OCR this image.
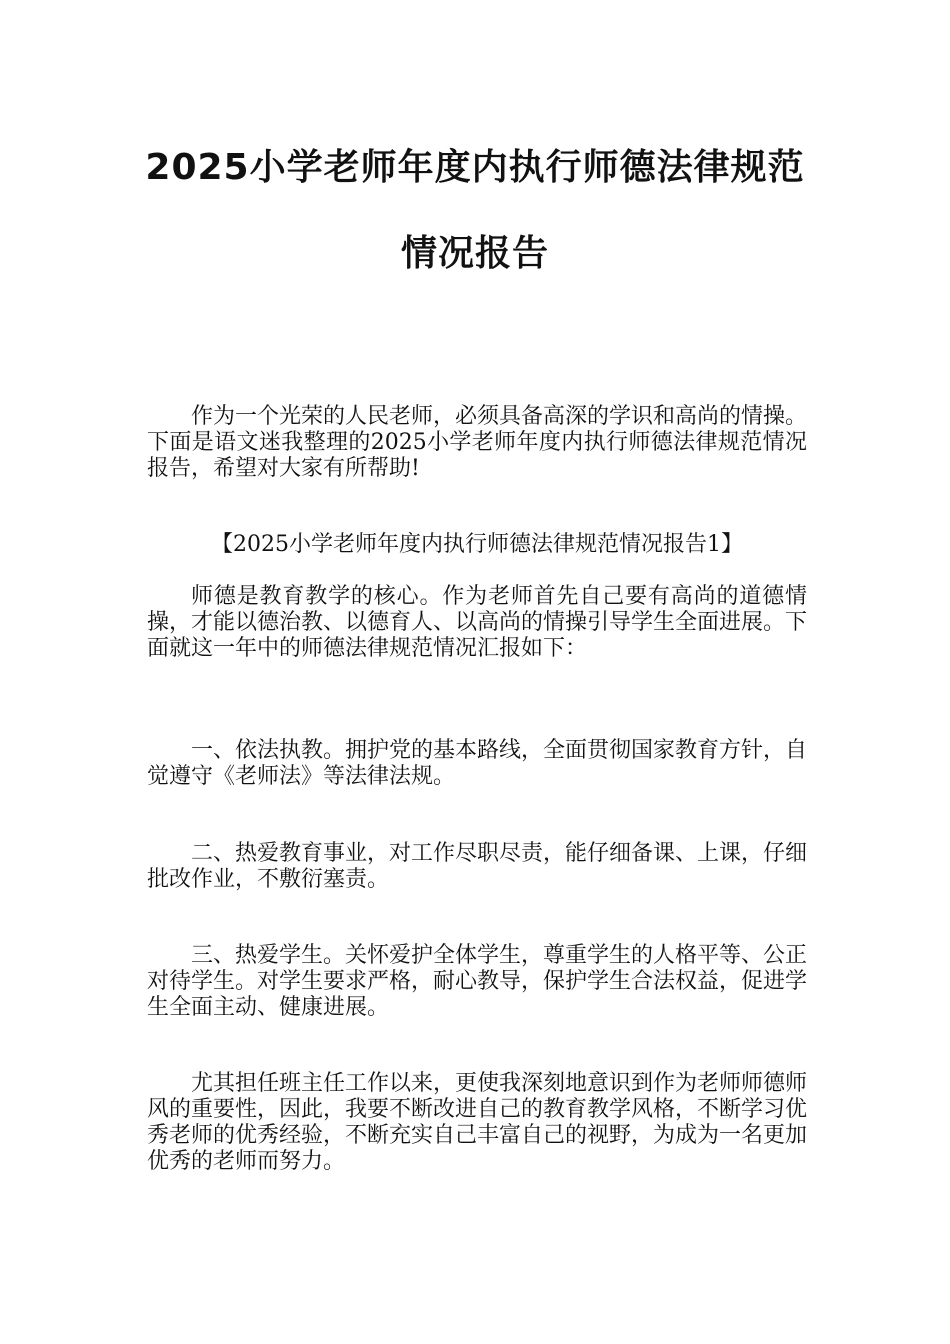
2025小学老师年度内执行师德法律规范
情况报告

作为一个光荣的人民老师，必须具备高深的学识和高尚的情操。下面是语文迷我整理的2025小学老师年度内执行师德法律规范情况报告，希望对大家有所帮助!

【2025小学老师年度内执行师德法律规范情况报告1】

师德是教育教学的核心。作为老师首先自己要有高尚的道德情操，才能以德治教、以德育人、以高尚的情操引导学生全面进展。下面就这一年中的师德法律规范情况汇报如下：

一、依法执教。拥护党的基本路线，全面贯彻国家教育方针，自觉遵守《老师法》等法律法规。

二、热爱教育事业，对工作尽职尽责，能仔细备课、上课，仔细批改作业，不敷衍塞责。

三、热爱学生。关怀爱护全体学生，尊重学生的人格平等、公正对待学生。对学生要求严格，耐心教导，保护学生合法权益，促进学生全面主动、健康进展。

尤其担任班主任工作以来，更使我深刻地意识到作为老师师德师风的重要性，因此，我要不断改进自己的教育教学风格，不断学习优秀老师的优秀经验，不断充实自己丰富自己的视野，为成为一名更加优秀的老师而努力。
